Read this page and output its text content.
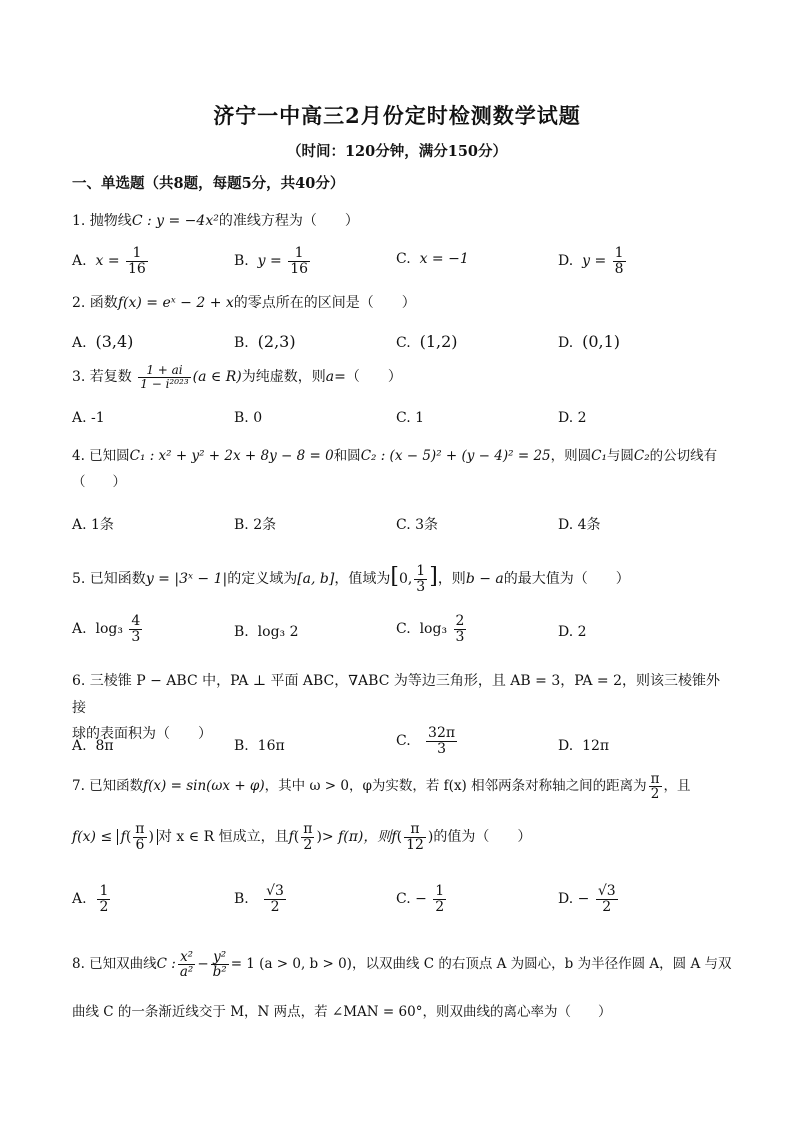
济宁一中高三2月份定时检测数学试题
（时间：120分钟，满分150分）
一、单选题（共8题，每题5分，共40分）
1. 抛物线C : y = −4x²的准线方程为（　　）
A. $x = \frac{1}{16}$	B. $y = \frac{1}{16}$	C. x = −1	D. $y = \frac{1}{8}$
2. 函数f(x) = eˣ − 2 + x的零点所在的区间是（　　）
A. (3,4)	B. (2,3)	C. (1,2)	D. (0,1)
3. 若复数 $\frac{1 + ai}{\text{1 − i²⁰²³}} (a$ ∈ R)为纯虚数，则a=（　　）
A. -1	B. 0	C. 1	D. 2
4. 已知圆C₁ : x² + y² + 2x + 8y − 8 = 0和圆C₂ : (x − 5)² + (y − 4)² = 25，则圆C₁与圆C₂的公切线有
（　　）
A. 1条	B. 2条	C. 3条	D. 4条
5. 已知函数y = |3ˣ − 1|的定义域为[a, b]，值域为[0, $\frac{1}{3}$ ]，则b − a的最大值为（　　）
A. $\log_3 \frac{4}{3}$	B. log₃ 2	C. $\log_3 \frac{2}{3}$	D. 2
6. 三棱锥 P − ABC 中，PA ⊥ 平面 ABC，∇ABC 为等边三角形，且 AB = 3，PA = 2，则该三棱锥外接
球的表面积为（　　）
A. 8π	B. 16π	C. $\frac{32\pi}{3}$	D. 12π
7. 已知函数f(x) = sin(ωx + φ)，其中 ω > 0，φ为实数，若 f(x) 相邻两条对称轴之间的距离为 $\frac{\pi}{2}$ ，且
$f(x) \le f( \frac{\pi}{6}$ ) 对 x ∈ R 恒成立，且$f( \frac{\pi}{2}$ )> f(π)，则$f( \frac{\pi}{12}$ )的值为（　　）
A. $\frac{1}{2}$	B. $\frac{√3}{2}$	C. − $\frac{1}{2}$	D. − $\frac{√3}{2}$
8. 已知双曲线C : $\frac{\text{x²}}{\text{a²}} - \frac{\text{y²}}{\text{b²}} = 1$ (a > 0, b > 0)，以双曲线 C 的右顶点 A 为圆心，b 为半径作圆 A，圆 A 与双
曲线 C 的一条渐近线交于 M，N 两点，若 ∠MAN = 60°，则双曲线的离心率为（　　）
